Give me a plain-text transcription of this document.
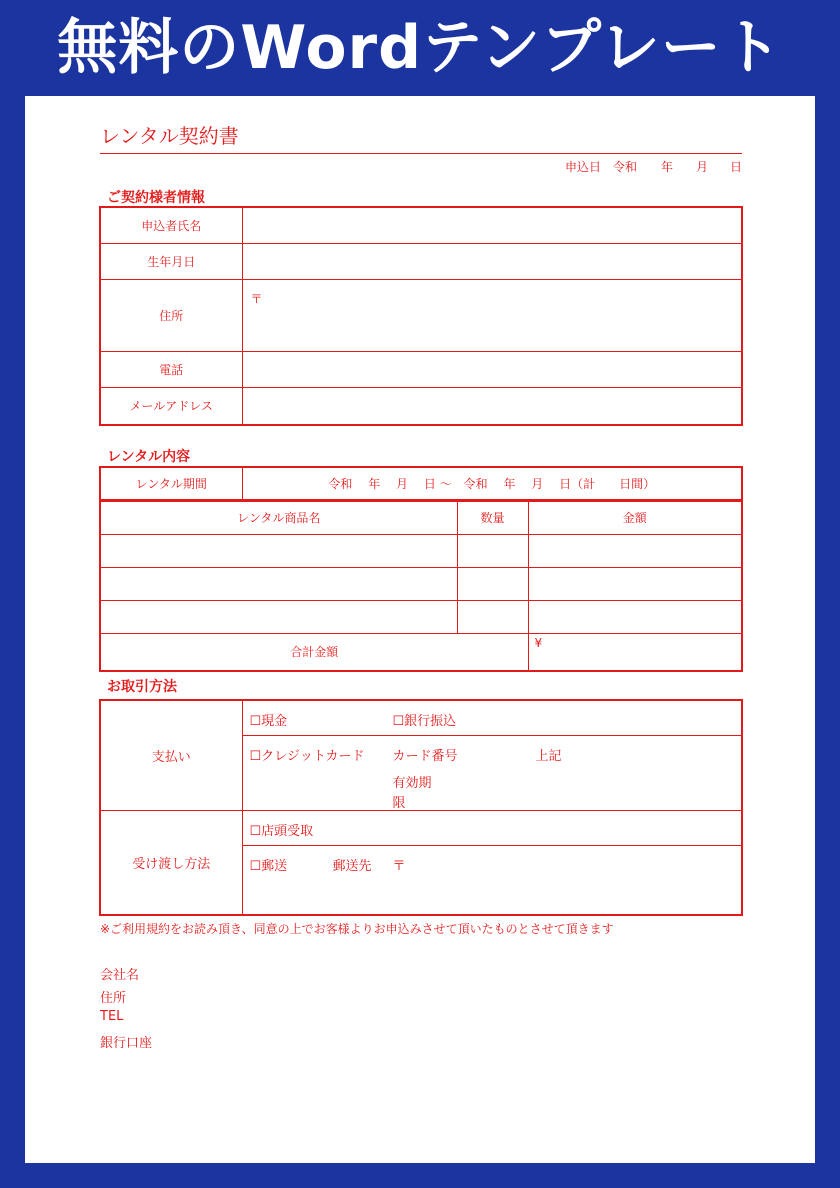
無料のWordテンプレート
レンタル契約書
申込日 令和 年 月 日
ご契約様者情報
申込者氏名	
生年月日	
住所	〒
電話	
メールアドレス	
レンタル内容
レンタル期間	令和　 年　 月　 日 ～　令和　 年　 月　 日（計　　日間）
レンタル商品名	数量	金額

合計金額		¥
お取引方法
支払い	☐現金 ☐銀行振込

	☐クレジットカード カード番号 上記
有効期
限

受け渡し方法	☐店頭受取

	☐郵送 郵送先 〒
※ご利用規約をお読み頂き、同意の上でお客様よりお申込みさせて頂いたものとさせて頂きます
会社名
住所
TEL
銀行口座
